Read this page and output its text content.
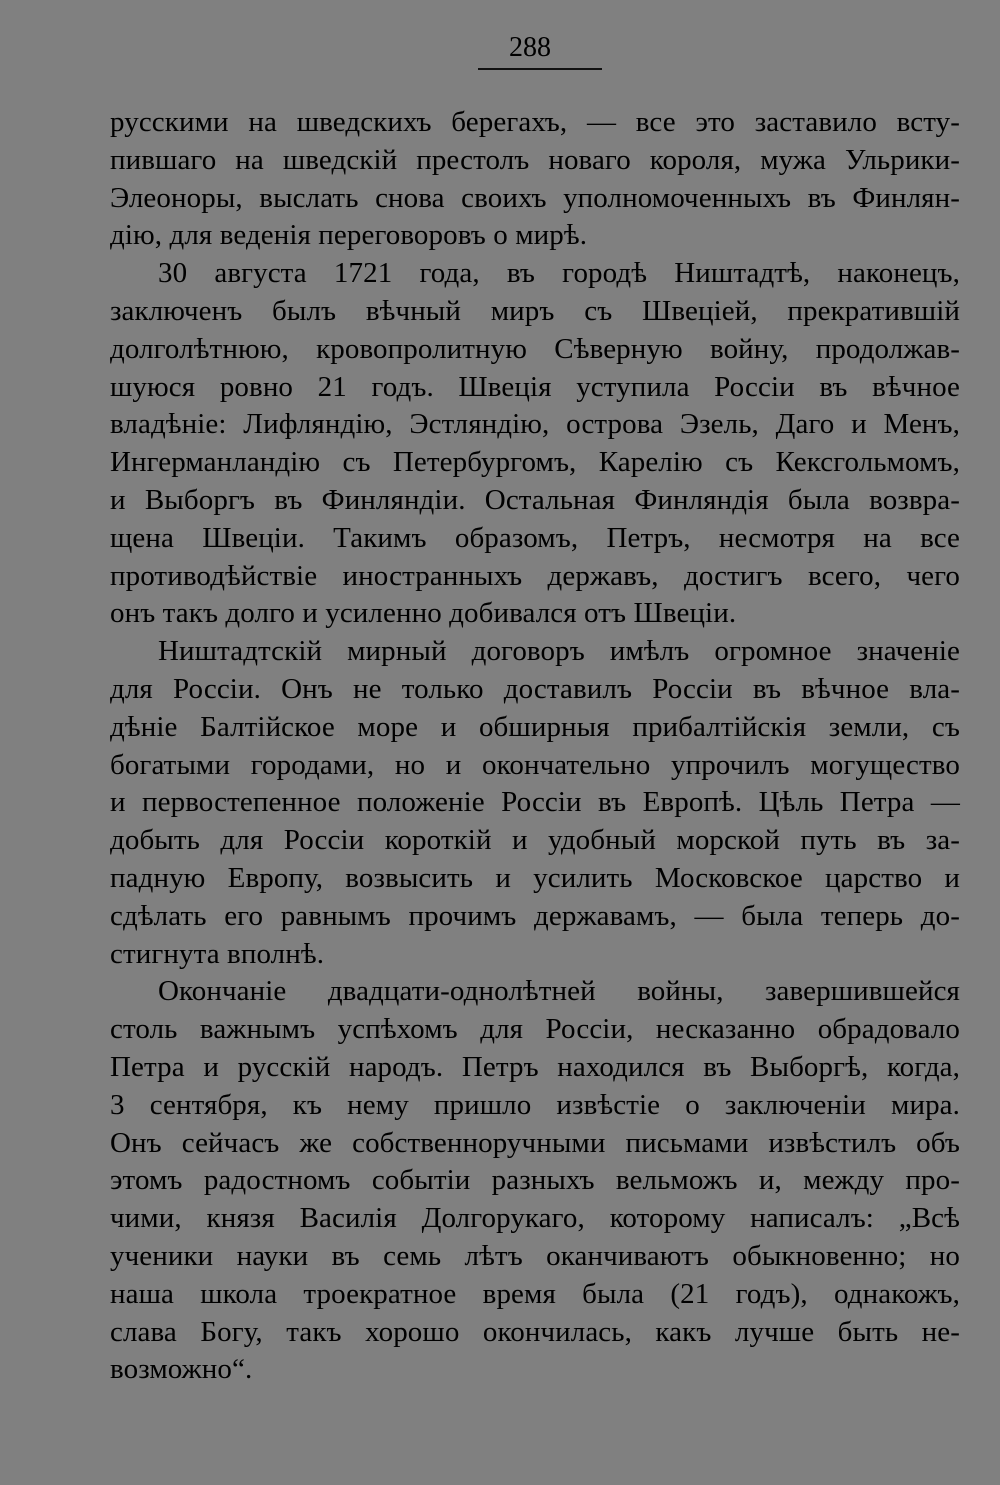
288
русскими на шведскихъ берегахъ, — все это заставило всту-
пившаго на шведскій престолъ новаго короля, мужа Ульрики-
Элеоноры, выслать снова своихъ уполномоченныхъ въ Финлян-
дію, для веденія переговоровъ о мирѣ.
30 августа 1721 года, въ городѣ Ништадтѣ, наконецъ,
заключенъ былъ вѣчный миръ съ Швеціей, прекратившій
долголѣтнюю, кровопролитную Сѣверную войну, продолжав-
шуюся ровно 21 годъ. Швеція уступила Россіи въ вѣчное
владѣніе: Лифляндію, Эстляндію, острова Эзель, Даго и Менъ,
Ингерманландію съ Петербургомъ, Карелію съ Кексгольмомъ,
и Выборгъ въ Финляндіи. Остальная Финляндія была возвра-
щена Швеціи. Такимъ образомъ, Петръ, несмотря на все
противодѣйствіе иностранныхъ державъ, достигъ всего, чего
онъ такъ долго и усиленно добивался отъ Швеціи.
Ништадтскій мирный договоръ имѣлъ огромное значеніе
для Россіи. Онъ не только доставилъ Россіи въ вѣчное вла-
дѣніе Балтійское море и обширныя прибалтійскія земли, съ
богатыми городами, но и окончательно упрочилъ могущество
и первостепенное положеніе Россіи въ Европѣ. Цѣль Петра —
добыть для Россіи короткій и удобный морской путь въ за-
падную Европу, возвысить и усилить Московское царство и
сдѣлать его равнымъ прочимъ державамъ, — была теперь до-
стигнута вполнѣ.
Окончаніе двадцати-однолѣтней войны, завершившейся
столь важнымъ успѣхомъ для Россіи, несказанно обрадовало
Петра и русскій народъ. Петръ находился въ Выборгѣ, когда,
3 сентября, къ нему пришло извѣстіе о заключеніи мира.
Онъ сейчасъ же собственноручными письмами извѣстилъ объ
этомъ радостномъ событіи разныхъ вельможъ и, между про-
чими, князя Василія Долгорукаго, которому написалъ: „Всѣ
ученики науки въ семь лѣтъ оканчиваютъ обыкновенно; но
наша школа троекратное время была (21 годъ), однакожъ,
слава Богу, такъ хорошо окончилась, какъ лучше быть не-
возможно“.
